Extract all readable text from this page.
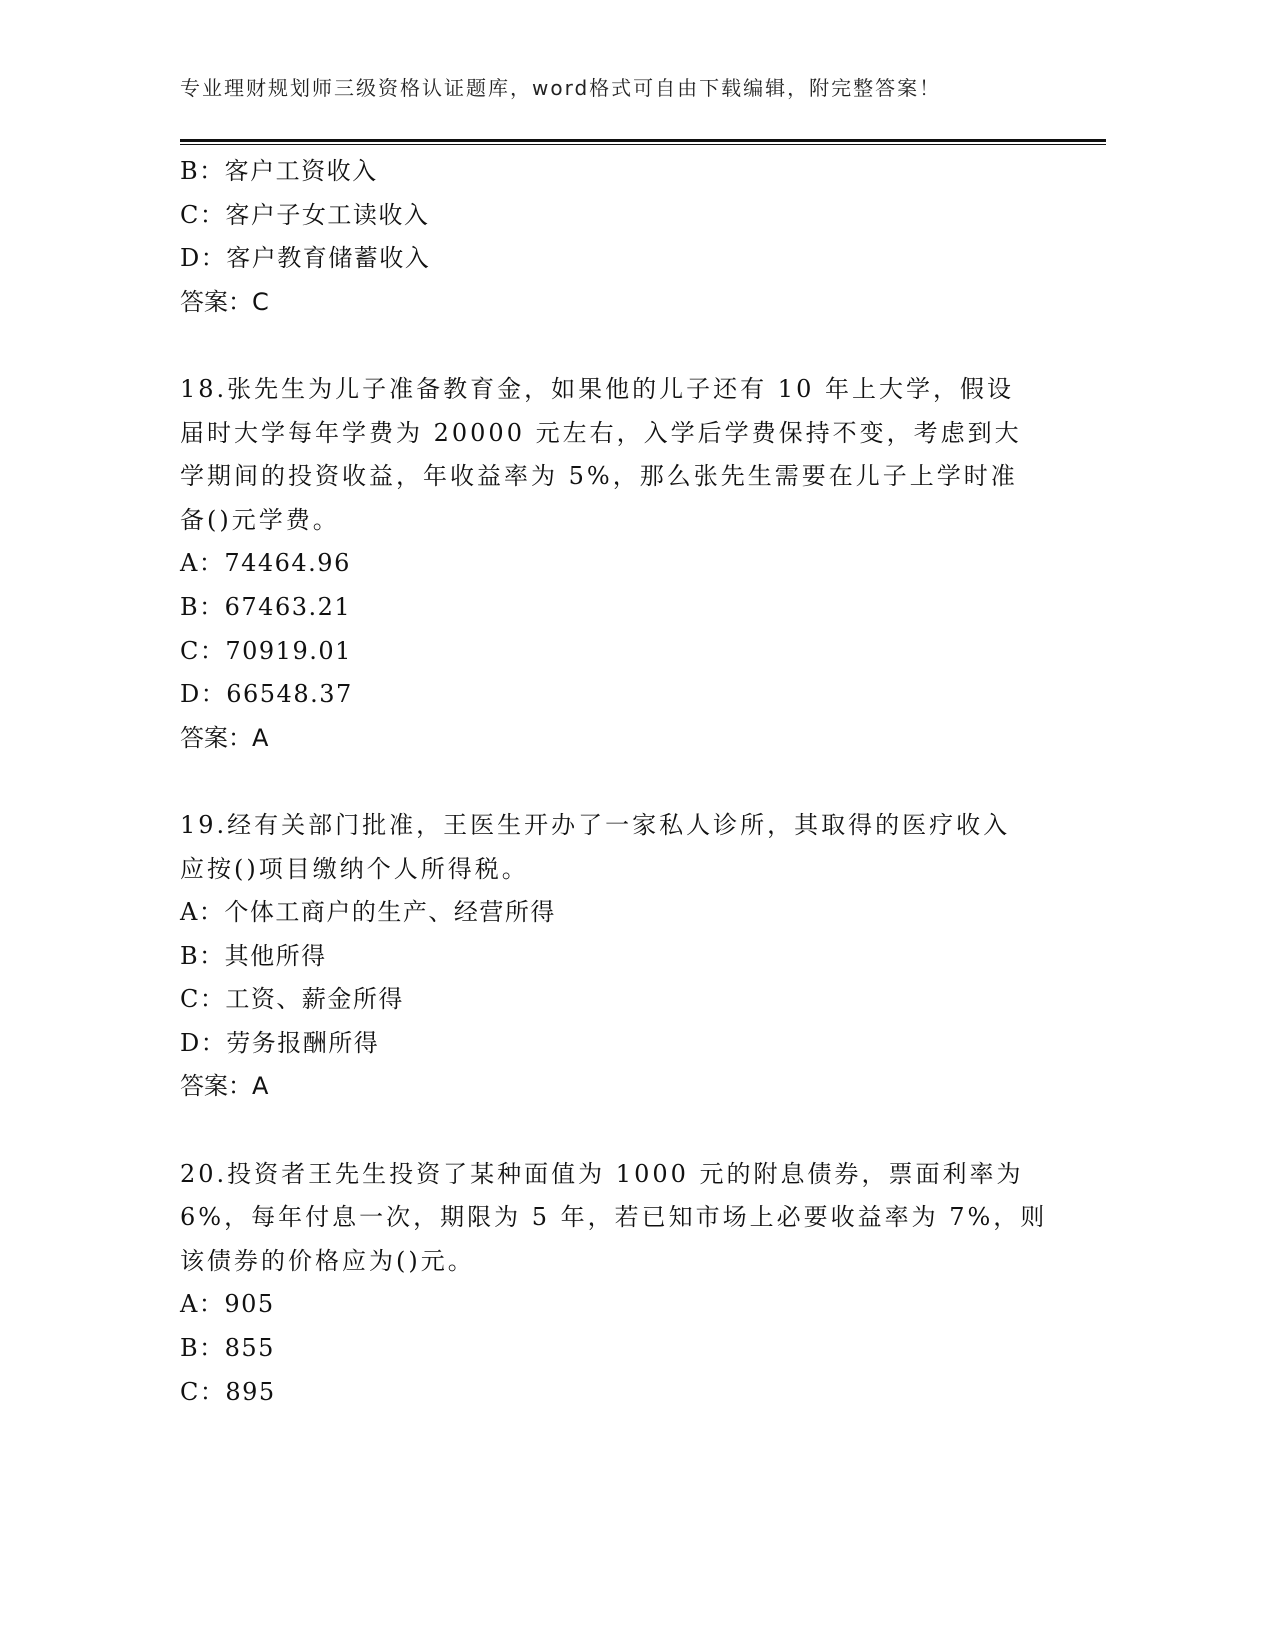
专业理财规划师三级资格认证题库，word格式可自由下载编辑，附完整答案！
B：客户工资收入
C：客户子女工读收入
D：客户教育储蓄收入
答案：C
18.张先生为儿子准备教育金，如果他的儿子还有 10 年上大学，假设
届时大学每年学费为 20000 元左右，入学后学费保持不变，考虑到大
学期间的投资收益，年收益率为 5%，那么张先生需要在儿子上学时准
备()元学费。
A：74464.96
B：67463.21
C：70919.01
D：66548.37
答案：A
19.经有关部门批准，王医生开办了一家私人诊所，其取得的医疗收入
应按()项目缴纳个人所得税。
A：个体工商户的生产、经营所得
B：其他所得
C：工资、薪金所得
D：劳务报酬所得
答案：A
20.投资者王先生投资了某种面值为 1000 元的附息债券，票面利率为
6%，每年付息一次，期限为 5 年，若已知市场上必要收益率为 7%，则
该债券的价格应为()元。
A：905
B：855
C：895
